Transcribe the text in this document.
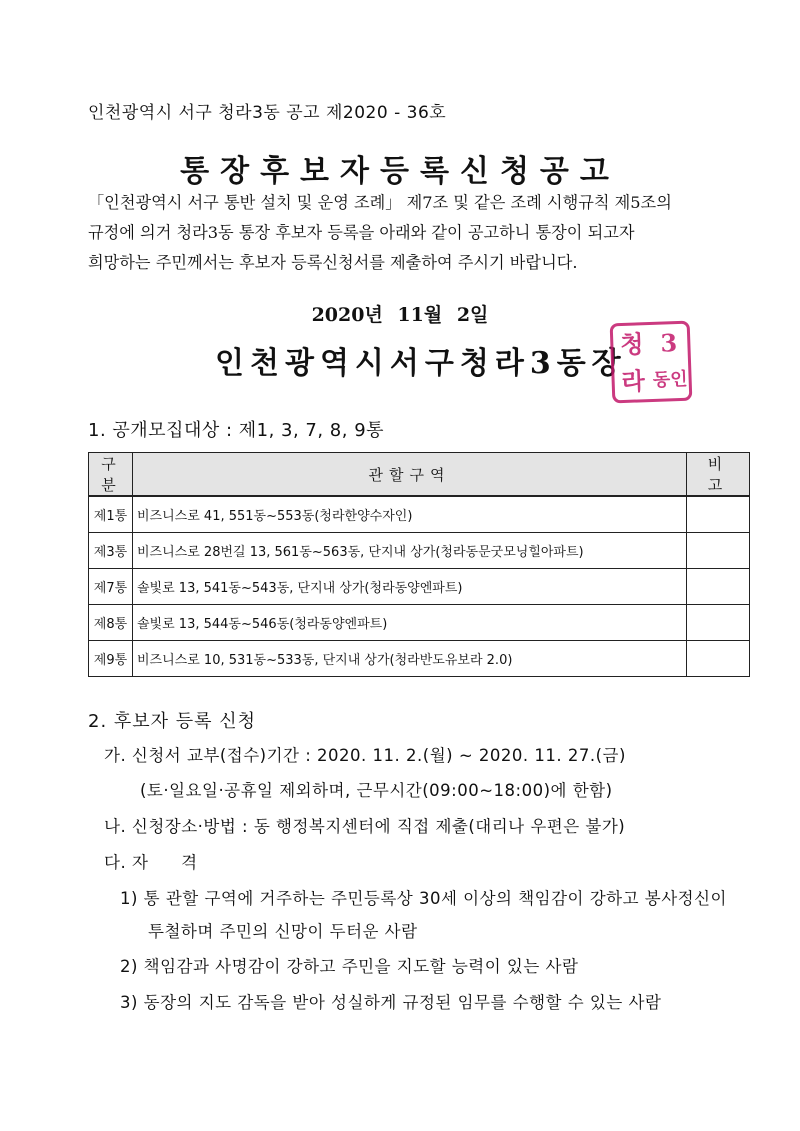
인천광역시 서구 청라3동 공고 제2020 - 36호
통장후보자등록신청공고
「인천광역시 서구 통반 설치 및 운영 조례」 제7조 및 같은 조례 시행규칙 제5조의
규정에 의거 청라3동 통장 후보자 등록을 아래와 같이 공고하니 통장이 되고자
희망하는 주민께서는 후보자 등록신청서를 제출하여 주시기 바랍니다.
2020년 11월 2일
인천광역시서구청라3동장
청 3
라 동인
1. 공개모집대상 : 제1, 3, 7, 8, 9통
구 분	관할구역	비 고
제1통	비즈니스로 41, 551동~553동(청라한양수자인)	
제3통	비즈니스로 28번길 13, 561동~563동, 단지내 상가(청라동문굿모닝힐아파트)	
제7통	솔빛로 13, 541동~543동, 단지내 상가(청라동양엔파트)	
제8통	솔빛로 13, 544동~546동(청라동양엔파트)	
제9통	비즈니스로 10, 531동~533동, 단지내 상가(청라반도유보라 2.0)	
2. 후보자 등록 신청
가. 신청서 교부(접수)기간 : 2020. 11. 2.(월) ~ 2020. 11. 27.(금)
(토·일요일·공휴일 제외하며, 근무시간(09:00~18:00)에 한함)
나. 신청장소·방법 : 동 행정복지센터에 직접 제출(대리나 우편은 불가)
다. 자 격
1) 통 관할 구역에 거주하는 주민등록상 30세 이상의 책임감이 강하고 봉사정신이
투철하며 주민의 신망이 두터운 사람
2) 책임감과 사명감이 강하고 주민을 지도할 능력이 있는 사람
3) 동장의 지도 감독을 받아 성실하게 규정된 임무를 수행할 수 있는 사람
